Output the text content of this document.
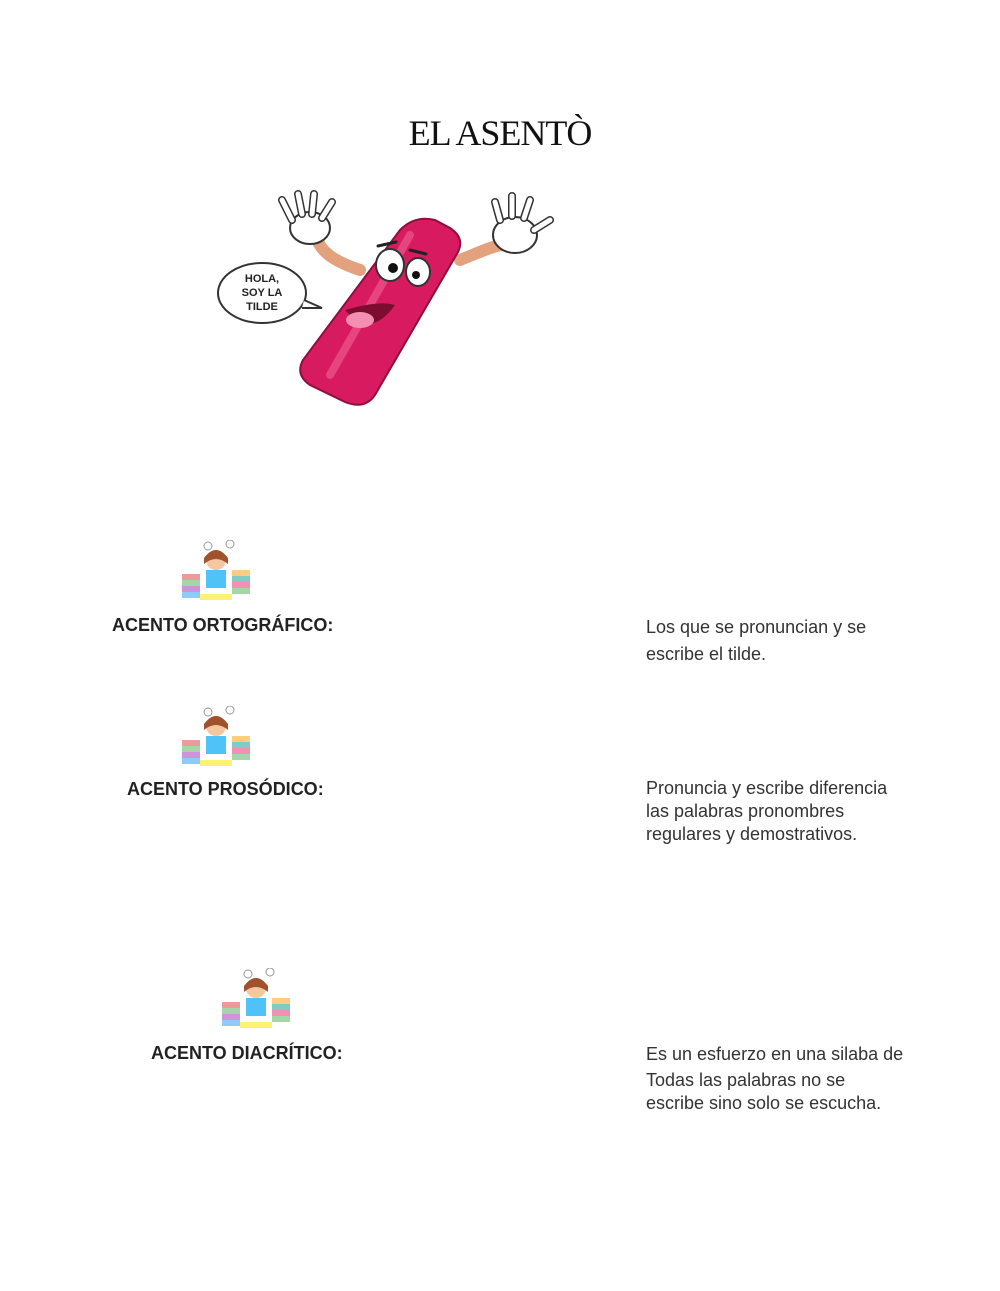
EL ASENTÒ
HOLA,
SOY LA
TILDE
ACENTO ORTOGRÁFICO:	Los que se pronuncian y se
escribe el tilde.
ACENTO PROSÓDICO:	Pronuncia y escribe diferencia
las palabras pronombres
regulares y demostrativos.
ACENTO DIACRÍTICO:	Es un esfuerzo en una silaba de
Todas las palabras no se
escribe sino solo se escucha.
